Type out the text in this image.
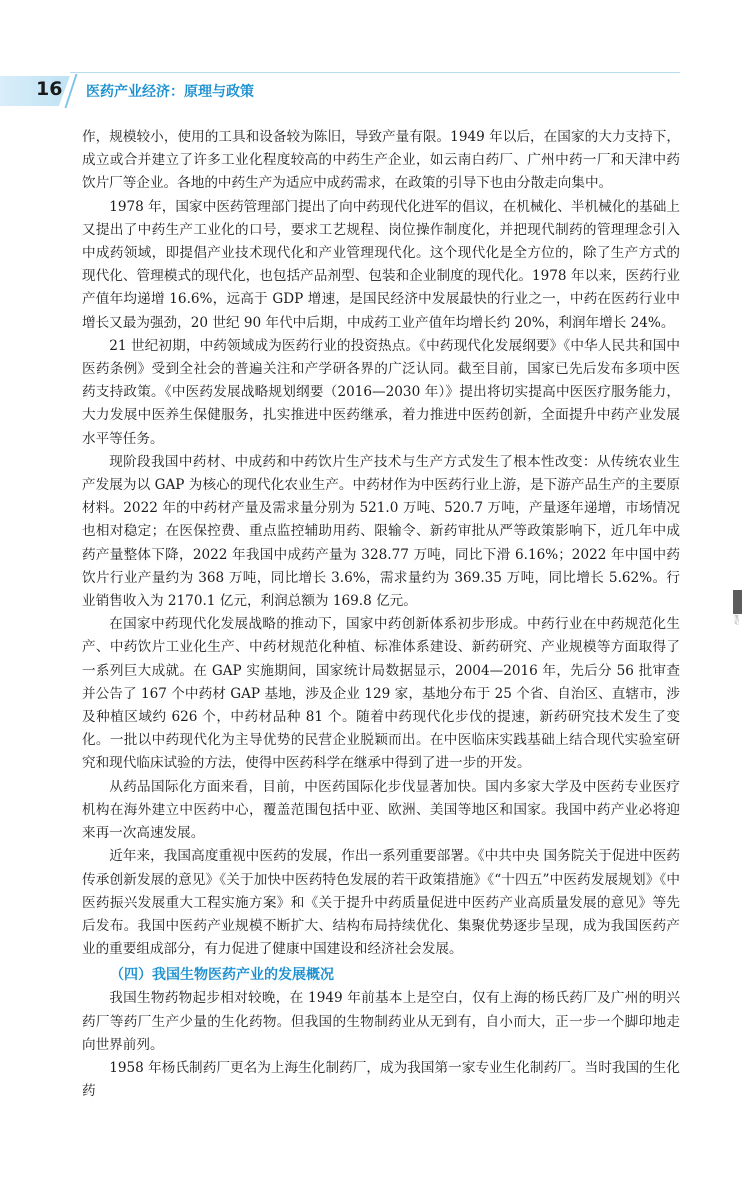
16 医药产业经济：原理与政策

作，规模较小，使用的工具和设备较为陈旧，导致产量有限。1949 年以后，在国家的大力支持下，成立或合并建立了许多工业化程度较高的中药生产企业，如云南白药厂、广州中药一厂和天津中药饮片厂等企业。各地的中药生产为适应中成药需求，在政策的引导下也由分散走向集中。

1978 年，国家中医药管理部门提出了向中药现代化进军的倡议，在机械化、半机械化的基础上又提出了中药生产工业化的口号，要求工艺规程、岗位操作制度化，并把现代制药的管理理念引入中成药领域，即提倡产业技术现代化和产业管理现代化。这个现代化是全方位的，除了生产方式的现代化、管理模式的现代化，也包括产品剂型、包装和企业制度的现代化。1978 年以来，医药行业产值年均递增 16.6%，远高于 GDP 增速，是国民经济中发展最快的行业之一，中药在医药行业中增长又最为强劲，20 世纪 90 年代中后期，中成药工业产值年均增长约 20%，利润年增长 24%。

21 世纪初期，中药领域成为医药行业的投资热点。《中药现代化发展纲要》《中华人民共和国中医药条例》受到全社会的普遍关注和产学研各界的广泛认同。截至目前，国家已先后发布多项中医药支持政策。《中医药发展战略规划纲要（2016—2030 年）》提出将切实提高中医医疗服务能力，大力发展中医养生保健服务，扎实推进中医药继承，着力推进中医药创新，全面提升中药产业发展水平等任务。

现阶段我国中药材、中成药和中药饮片生产技术与生产方式发生了根本性改变：从传统农业生产发展为以 GAP 为核心的现代化农业生产。中药材作为中医药行业上游，是下游产品生产的主要原材料。2022 年的中药材产量及需求量分别为 521.0 万吨、520.7 万吨，产量逐年递增，市场情况也相对稳定；在医保控费、重点监控辅助用药、限输令、新药审批从严等政策影响下，近几年中成药产量整体下降，2022 年我国中成药产量为 328.77 万吨，同比下滑 6.16%；2022 年中国中药饮片行业产量约为 368 万吨，同比增长 3.6%，需求量约为 369.35 万吨，同比增长 5.62%。行业销售收入为 2170.1 亿元，利润总额为 169.8 亿元。

在国家中药现代化发展战略的推动下，国家中药创新体系初步形成。中药行业在中药规范化生产、中药饮片工业化生产、中药材规范化种植、标准体系建设、新药研究、产业规模等方面取得了一系列巨大成就。在 GAP 实施期间，国家统计局数据显示，2004—2016 年，先后分 56 批审查并公告了 167 个中药材 GAP 基地，涉及企业 129 家，基地分布于 25 个省、自治区、直辖市，涉及种植区域约 626 个，中药材品种 81 个。随着中药现代化步伐的提速，新药研究技术发生了变化。一批以中药现代化为主导优势的民营企业脱颖而出。在中医临床实践基础上结合现代实验室研究和现代临床试验的方法，使得中医药科学在继承中得到了进一步的开发。

从药品国际化方面来看，目前，中医药国际化步伐显著加快。国内多家大学及中医药专业医疗机构在海外建立中医药中心，覆盖范围包括中亚、欧洲、美国等地区和国家。我国中药产业必将迎来再一次高速发展。

近年来，我国高度重视中医药的发展，作出一系列重要部署。《中共中央 国务院关于促进中医药传承创新发展的意见》《关于加快中医药特色发展的若干政策措施》《“十四五”中医药发展规划》《中医药振兴发展重大工程实施方案》和《关于提升中药质量促进中医药产业高质量发展的意见》等先后发布。我国中医药产业规模不断扩大、结构布局持续优化、集聚优势逐步呈现，成为我国医药产业的重要组成部分，有力促进了健康中国建设和经济社会发展。

（四）我国生物医药产业的发展概况

我国生物药物起步相对较晚，在 1949 年前基本上是空白，仅有上海的杨氏药厂及广州的明兴药厂等药厂生产少量的生化药物。但我国的生物制药业从无到有，自小而大，正一步一个脚印地走向世界前列。

1958 年杨氏制药厂更名为上海生化制药厂，成为我国第一家专业生化制药厂。当时我国的生化药

笔记
